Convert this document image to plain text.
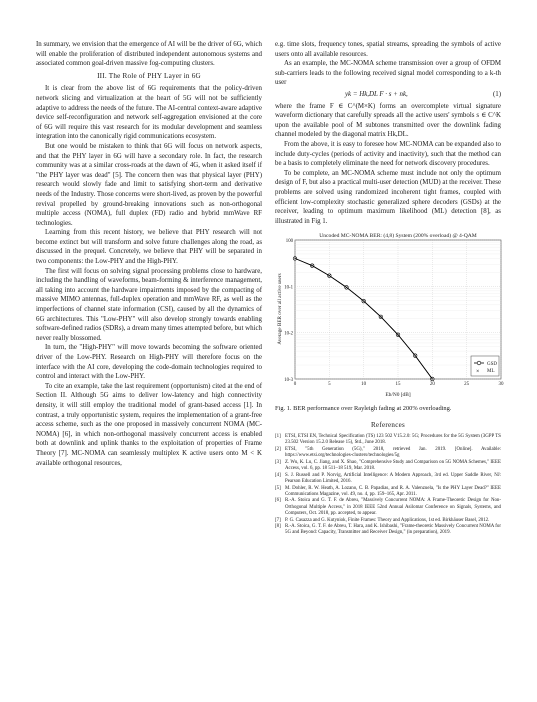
In summary, we envision that the emergence of AI will be the driver of 6G, which will enable the proliferation of distributed independent autonomous systems and associated common goal-driven massive fog-computing clusters.

III. The Role of PHY Layer in 6G

It is clear from the above list of 6G requirements that the policy-driven network slicing and virtualization at the heart of 5G will not be sufficiently adaptive to address the needs of the future. The AI-central context-aware adaptive device self-reconfiguration and network self-aggregation envisioned at the core of 6G will require this vast research for its modular development and seamless integration into the canonically rigid communications ecosystem.

But one would be mistaken to think that 6G will focus on network aspects, and that the PHY layer in 6G will have a secondary role. In fact, the research community was at a similar cross-roads at the dawn of 4G, when it asked itself if "the PHY layer was dead" [5]. The concern then was that physical layer (PHY) research would slowly fade and limit to satisfying short-term and derivative needs of the Industry. Those concerns were short-lived, as proven by the powerful revival propelled by ground-breaking innovations such as non-orthogonal multiple access (NOMA), full duplex (FD) radio and hybrid mmWave RF technologies.

Learning from this recent history, we believe that PHY research will not become extinct but will transform and solve future challenges along the road, as discussed in the prequel. Concretely, we believe that PHY will be separated in two components: the Low-PHY and the High-PHY.

The first will focus on solving signal processing problems close to hardware, including the handling of waveforms, beam-forming & interference management, all taking into account the hardware impairments imposed by the compacting of massive MIMO antennas, full-duplex operation and mmWave RF, as well as the imperfections of channel state information (CSI), caused by all the dynamics of 6G architectures. This "Low-PHY" will also develop strongly towards enabling software-defined radios (SDRs), a dream many times attempted before, but which never really blossomed.

In turn, the "High-PHY" will move towards becoming the software oriented driver of the Low-PHY. Research on High-PHY will therefore focus on the interface with the AI core, developing the code-domain technologies required to control and interact with the Low-PHY.

To cite an example, take the last requirement (opportunism) cited at the end of Section II. Although 5G aims to deliver low-latency and high connectivity density, it will still employ the traditional model of grant-based access [1]. In contrast, a truly opportunistic system, requires the implementation of a grant-free access scheme, such as the one proposed in massively concurrent NOMA (MC-NOMA) [6], in which non-orthogonal massively concurrent access is enabled both at downlink and uplink thanks to the exploitation of properties of Frame Theory [7]. MC-NOMA can seamlessly multiplex K active users onto M < K available orthogonal resources,

e.g. time slots, frequency tones, spatial streams, spreading the symbols of active users onto all available resources.

As an example, the MC-NOMA scheme transmission over a group of OFDM sub-carriers leads to the following received signal model corresponding to a k-th user

yk = Hk,DL F · s + nk,	(1)

where the frame F ∈ C^(M×K) forms an overcomplete virtual signature waveform dictionary that carefully spreads all the active users' symbols s ∈ C^K upon the available pool of M subtones transmitted over the downlink fading channel modeled by the diagonal matrix Hk,DL.

From the above, it is easy to foresee how MC-NOMA can be expanded also to include duty-cycles (periods of activity and inactivity), such that the method can be a basis to completely eliminate the need for network discovery procedures.

To be complete, an MC-NOMA scheme must include not only the optimum design of F, but also a practical multi-user detection (MUD) at the receiver. These problems are solved using randomized incoherent tight frames, coupled with efficient low-complexity stochastic generalized sphere decoders (GSDs) at the receiver, leading to optimum maximum likelihood (ML) detection [8], as illustrated in Fig 1.

Uncoded MC-NOMA BER: (4,8) System (200% overload) @ 4-QAM
0	5	10	15	20	25	30
100
10-1
10-2
10-3
Eb/N0 [dB]
Average BER over all active users
GSD
× ML
Fig. 1. BER performance over Rayleigh fading at 200% overloading.
References
[1] ETSI, ETSI EN, Technical Specification (TS) 123 502 V15.2.0: 5G; Procedures for the 5G System (3GPP TS 23.502 Version 15.2.0 Release 15), Std., June 2018.
[2] ETSI, "5th Generation (5G)," 2018, retrieved Jan. 2019. [Online]. Available: https://www.etsi.org/technologies-clusters/technologies/5g
[3] Z. Wu, K. Lu, C. Jiang, and X. Shao, "Comprehensive Study and Comparison on 5G NOMA Schemes," IEEE Access, vol. 6, pp. 18 511–18 519, Mar. 2018.
[4] S. J. Russell and P. Norvig, Artificial Intelligence: A Modern Approach, 3rd ed. Upper Saddle River, NJ: Pearson Education Limited, 2016.
[5] M. Dohler, R. W. Heath, A. Lozano, C. B. Papadias, and R. A. Valenzuela, "Is the PHY Layer Dead?" IEEE Communications Magazine, vol. 49, no. 4, pp. 159–165, Apr. 2011.
[6] R.-A. Stoica and G. T. F. de Abreu, "Massively Concurrent NOMA: A Frame-Theoretic Design for Non-Orthogonal Multiple Access," in 2018 IEEE 52nd Annual Asilomar Conference on Signals, Systems, and Computers, Oct. 2018, pp. accepted, to appear.
[7] P. G. Casazza and G. Kutyniok, Finite Frames: Theory and Applications, 1st ed. Birkhäuser Basel, 2012.
[8] R.-A. Stoica, G. T. F. de Abreu, T. Hara, and K. Ishibashi, "Frame-theoretic Massively Concurrent NOMA for 5G and Beyond: Capacity, Transmitter and Receiver Design," (in preparation), 2019.
